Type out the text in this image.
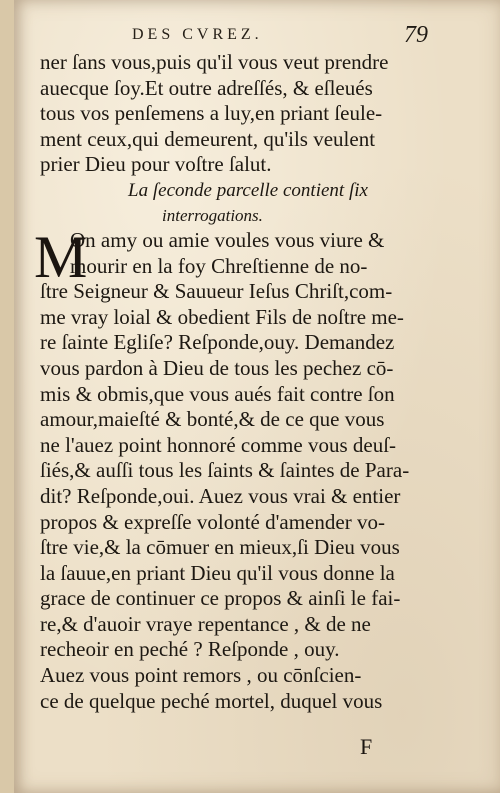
DES CVREZ.	79
ner ſans vous,puis qu'il vous veut prendre
auecque ſoy.Et outre adreſſés, & eſleués
tous vos penſemens a luy,en priant ſeule-
ment ceux,qui demeurent, qu'ils veulent
prier Dieu pour voſtre ſalut.
La ſeconde parcelle contient ſix
interrogations.
M
On amy ou amie voules vous viure &
mourir en la foy Chreſtienne de no-
ſtre Seigneur & Sauueur Ieſus Chriſt,com-
me vray loial & obedient Fils de noſtre me-
re ſainte Egliſe? Reſponde,ouy. Demandez
vous pardon à Dieu de tous les pechez cō-
mis & obmis,que vous aués fait contre ſon
amour,maieſté & bonté,& de ce que vous
ne l'auez point honnoré comme vous deuſ-
ſiés,& auſſi tous les ſaints & ſaintes de Para-
dit? Reſponde,oui. Auez vous vrai & entier
propos & expreſſe volonté d'amender vo-
ſtre vie,& la cōmuer en mieux,ſi Dieu vous
la ſauue,en priant Dieu qu'il vous donne la
grace de continuer ce propos & ainſi le fai-
re,& d'auoir vraye repentance , & de ne
recheoir en peché ? Reſponde , ouy.
Auez vous point remors , ou cōnſcien-
ce de quelque peché mortel, duquel vous
F
